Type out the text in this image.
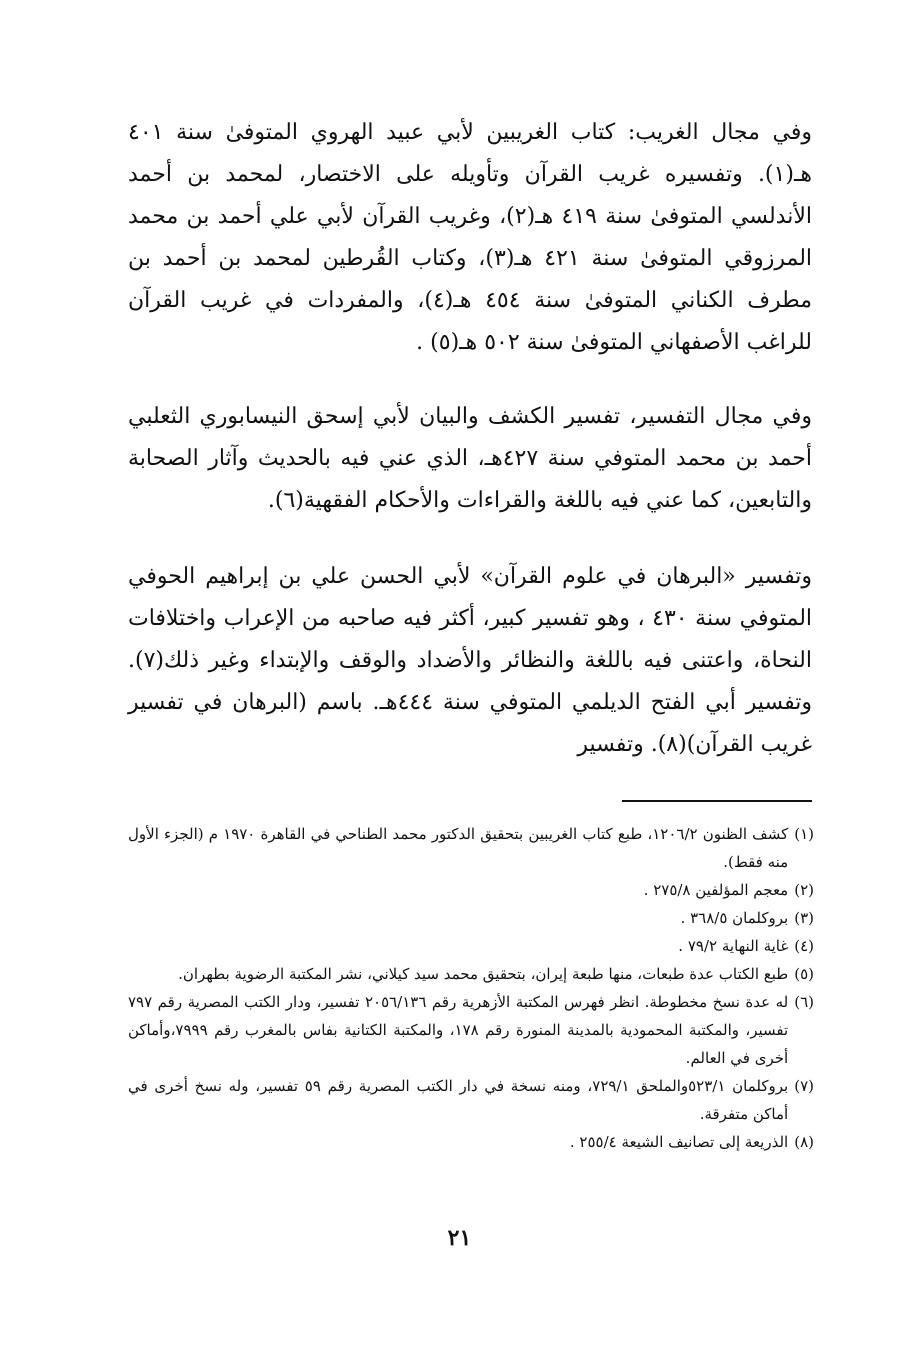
وفي مجال الغريب: كتاب الغريبين لأبي عبيد الهروي المتوفىٰ سنة ٤٠١ هـ(١). وتفسيره غريب القرآن وتأويله على الاختصار، لمحمد بن أحمد الأندلسي المتوفىٰ سنة ٤١٩ هـ(٢)، وغريب القرآن لأبي علي أحمد بن محمد المرزوقي المتوفىٰ سنة ٤٢١ هـ(٣)، وكتاب القُرطين لمحمد بن أحمد بن مطرف الكناني المتوفىٰ سنة ٤٥٤ هـ(٤)، والمفردات في غريب القرآن للراغب الأصفهاني المتوفىٰ سنة ٥٠٢ هـ(٥) .

وفي مجال التفسير، تفسير الكشف والبيان لأبي إسحق النيسابوري الثعلبي أحمد بن محمد المتوفي سنة ٤٢٧هـ، الذي عني فيه بالحديث وآثار الصحابة والتابعين، كما عني فيه باللغة والقراءات والأحكام الفقهية(٦).

وتفسير «البرهان في علوم القرآن» لأبي الحسن علي بن إبراهيم الحوفي المتوفي سنة ٤٣٠ ، وهو تفسير كبير، أكثر فيه صاحبه من الإعراب واختلافات النحاة، واعتنى فيه باللغة والنظائر والأضداد والوقف والإبتداء وغير ذلك(٧). وتفسير أبي الفتح الديلمي المتوفي سنة ٤٤٤هـ. باسم (البرهان في تفسير غريب القرآن)(٨). وتفسير

(١)
كشف الظنون ١٢٠٦/٢، طبع كتاب الغريبين بتحقيق الدكتور محمد الطناحي في القاهرة ١٩٧٠ م (الجزء الأول منه فقط).
(٢)
معجم المؤلفين ٢٧٥/٨ .
(٣)
بروكلمان ٣٦٨/٥ .
(٤)
غاية النهاية ٧٩/٢ .
(٥)
طبع الكتاب عدة طبعات، منها طبعة إيران، بتحقيق محمد سيد كيلاني، نشر المكتبة الرضوية بطهران.
(٦)
له عدة نسخ مخطوطة. انظر فهرس المكتبة الأزهرية رقم ٢٠٥٦/١٣٦ تفسير، ودار الكتب المصرية رقم ٧٩٧ تفسير، والمكتبة المحمودية بالمدينة المنورة رقم ١٧٨، والمكتبة الكتانية بفاس بالمغرب رقم ٧٩٩٩،وأماكن أخرى في العالم.
(٧)
بروكلمان ٥٢٣/١والملحق ٧٢٩/١، ومنه نسخة في دار الكتب المصرية رقم ٥٩ تفسير، وله نسخ أخرى في أماكن متفرقة.
(٨)
الذريعة إلى تصانيف الشيعة ٢٥٥/٤ .
٢١
